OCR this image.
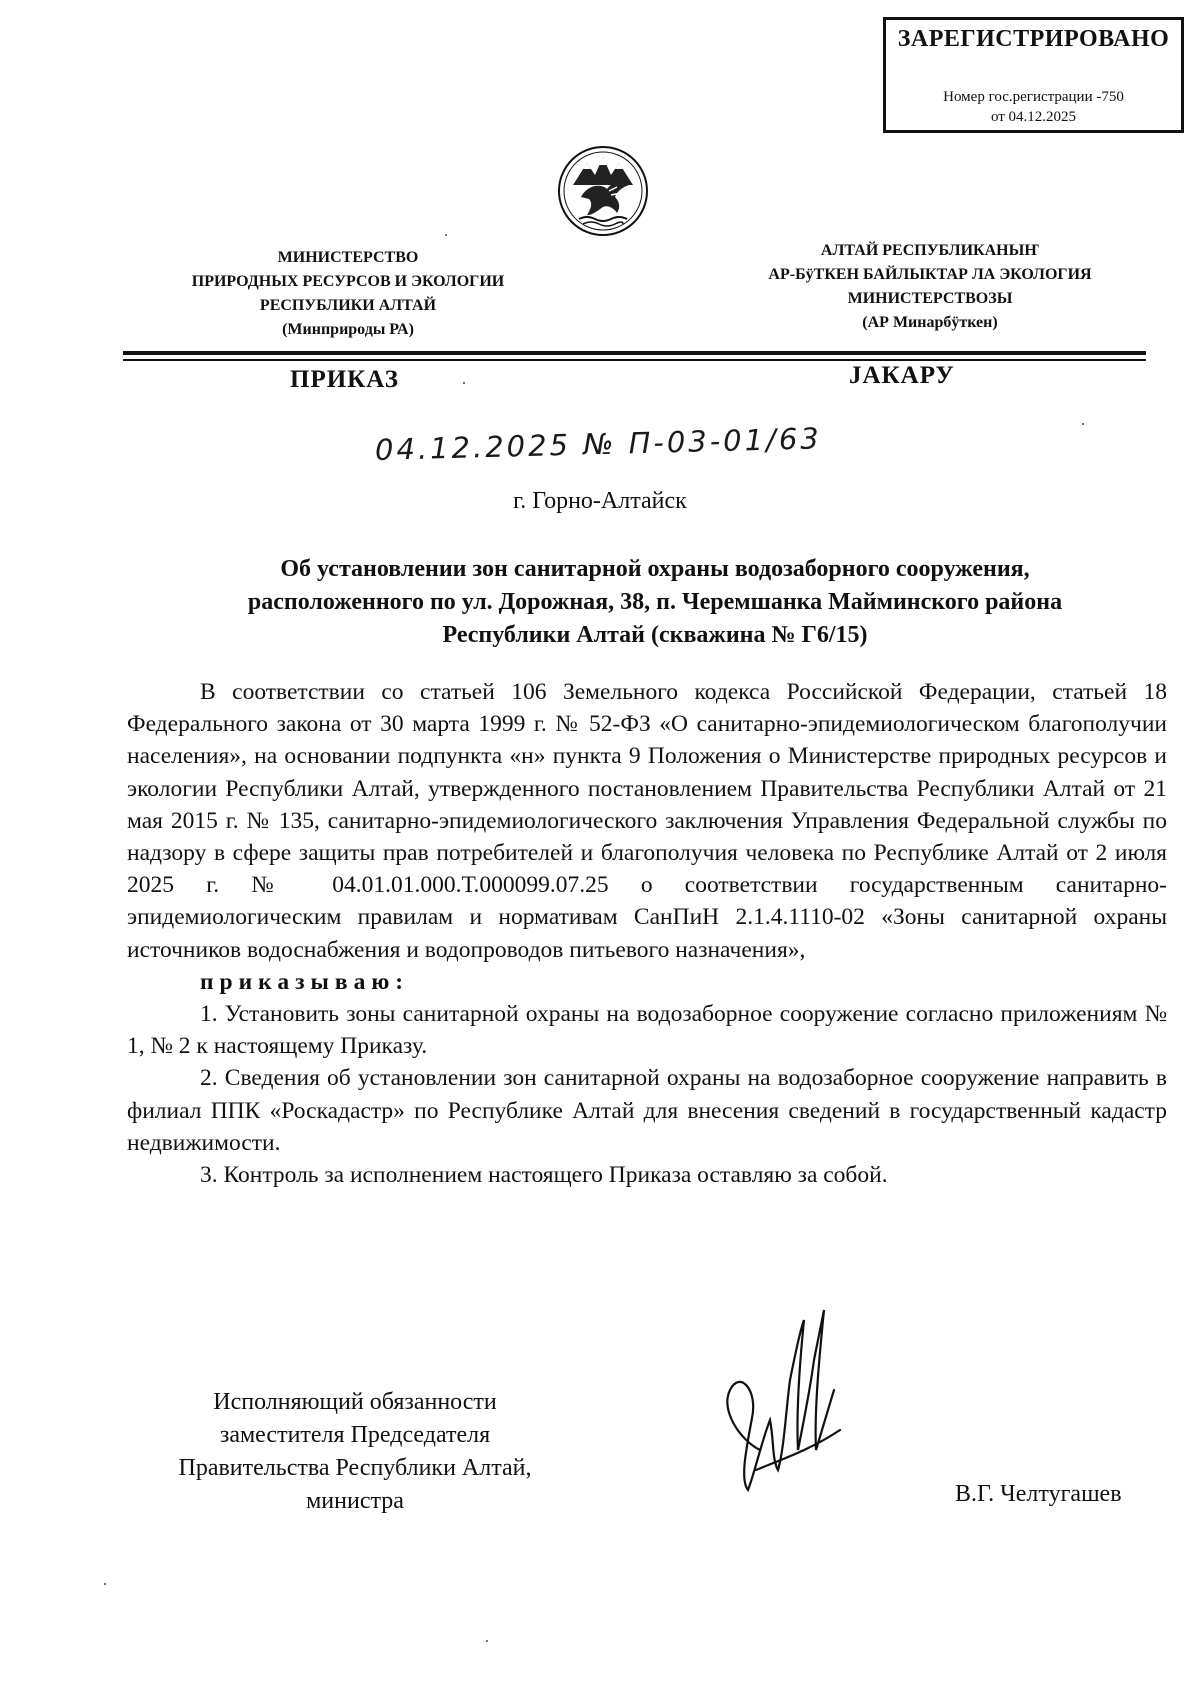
ЗАРЕГИСТРИРОВАНО
Номер гос.регистрации -750
от 04.12.2025
МИНИСТЕРСТВО
ПРИРОДНЫХ РЕСУРСОВ И ЭКОЛОГИИ
РЕСПУБЛИКИ АЛТАЙ
(Минприроды РА)
АЛТАЙ РЕСПУБЛИКАНЫҤ
АР-БÿТКЕН БАЙЛЫКТАР ЛА ЭКОЛОГИЯ
МИНИСТЕРСТВОЗЫ
(АР Минарбÿткен)
ПРИКАЗ	JАКАРУ
04.12.2025 № П-03-01/63
г. Горно-Алтайск
Об установлении зон санитарной охраны водозаборного сооружения,
расположенного по ул. Дорожная, 38, п. Черемшанка Майминского района
Республики Алтай (скважина № Г6/15)

В соответствии со статьей 106 Земельного кодекса Российской Федерации, статьей 18 Федерального закона от 30 марта 1999 г. № 52-ФЗ «О санитарно-эпидемиологическом благополучии населения», на основании подпункта «н» пункта 9 Положения о Министерстве природных ресурсов и экологии Республики Алтай, утвержденного постановлением Правительства Республики Алтай от 21 мая 2015 г. № 135, санитарно-эпидемиологического заключения Управления Федеральной службы по надзору в сфере защиты прав потребителей и благополучия человека по Республике Алтай от 2 июля 2025 г. № 04.01.01.000.Т.000099.07.25 о соответствии государственным санитарно-эпидемиологическим правилам и нормативам СанПиН 2.1.4.1110-02 «Зоны санитарной охраны источников водоснабжения и водопроводов питьевого назначения»,

приказываю:

1. Установить зоны санитарной охраны на водозаборное сооружение согласно приложениям № 1, № 2 к настоящему Приказу.

2. Сведения об установлении зон санитарной охраны на водозаборное сооружение направить в филиал ППК «Роскадастр» по Республике Алтай для внесения сведений в государственный кадастр недвижимости.

3. Контроль за исполнением настоящего Приказа оставляю за собой.

Исполняющий обязанности
заместителя Председателя
Правительства Республики Алтай,
министра	В.Г. Челтугашев
